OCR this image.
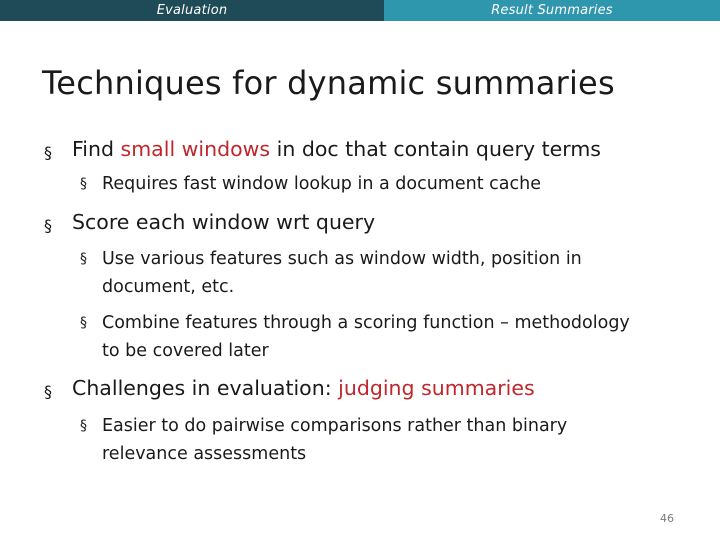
Evaluation	Result Summaries
Techniques for dynamic summaries
§ Find small windows in doc that contain query terms
§ Requires fast window lookup in a document cache
§ Score each window wrt query
§ Use various features such as window width, position in document, etc.
§ Combine features through a scoring function – methodology to be covered later
§ Challenges in evaluation: judging summaries
§ Easier to do pairwise comparisons rather than binary relevance assessments
46
